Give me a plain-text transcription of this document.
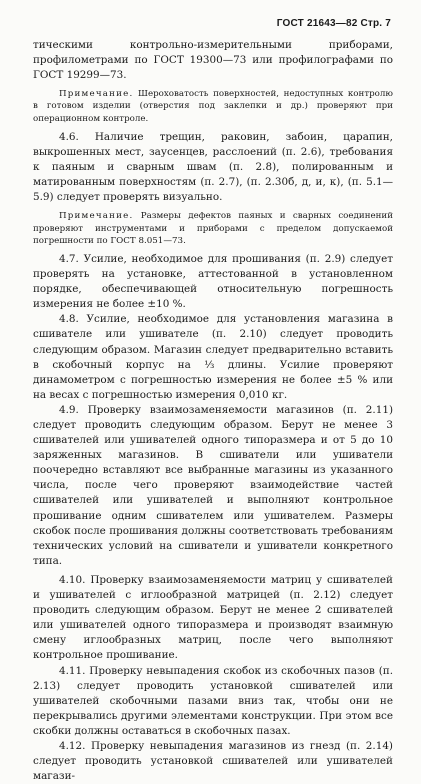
ГОСТ 21643—82 Стр. 7

тическими контрольно-измерительными приборами, профилометрами по ГОСТ 19300—73 или профилографами по ГОСТ 19299—73.

Примечание. Шероховатость поверхностей, недоступных контролю в готовом изделии (отверстия под заклепки и др.) проверяют при операционном контроле.

4.6. Наличие трещин, раковин, забоин, царапин, выкрошенных мест, заусенцев, расслоений (п. 2.6), требования к паяным и сварным швам (п. 2.8), полированным и матированным поверхностям (п. 2.7), (п. 2.30б, д, и, к), (п. 5.1—5.9) следует проверять визуально.

Примечание. Размеры дефектов паяных и сварных соединений проверяют инструментами и приборами с пределом допускаемой погрешности по ГОСТ 8.051—73.

4.7. Усилие, необходимое для прошивания (п. 2.9) следует проверять на установке, аттестованной в установленном порядке, обеспечивающей относительную погрешность измерения не более ±10 %.

4.8. Усилие, необходимое для установления магазина в сшивателе или ушивателе (п. 2.10) следует проводить следующим образом. Магазин следует предварительно вставить в скобочный корпус на ⅓ длины. Усилие проверяют динамометром с погрешностью измерения не более ±5 % или на весах с погрешностью измерения 0,010 кг.

4.9. Проверку взаимозаменяемости магазинов (п. 2.11) следует проводить следующим образом. Берут не менее 3 сшивателей или ушивателей одного типоразмера и от 5 до 10 заряженных магазинов. В сшиватели или ушиватели поочередно вставляют все выбранные магазины из указанного числа, после чего проверяют взаимодействие частей сшивателей или ушивателей и выполняют контрольное прошивание одним сшивателем или ушивателем. Размеры скобок после прошивания должны соответствовать требованиям технических условий на сшиватели и ушиватели конкретного типа.

4.10. Проверку взаимозаменяемости матриц у сшивателей и ушивателей с иглообразной матрицей (п. 2.12) следует проводить следующим образом. Берут не менее 2 сшивателей или ушивателей одного типоразмера и производят взаимную смену иглообразных матриц, после чего выполняют контрольное прошивание.

4.11. Проверку невыпадения скобок из скобочных пазов (п. 2.13) следует проводить установкой сшивателей или ушивателей скобочными пазами вниз так, чтобы они не перекрывались другими элементами конструкции. При этом все скобки должны оставаться в скобочных пазах.

4.12. Проверку невыпадения магазинов из гнезд (п. 2.14) следует проводить установкой сшивателей или ушивателей магази-
